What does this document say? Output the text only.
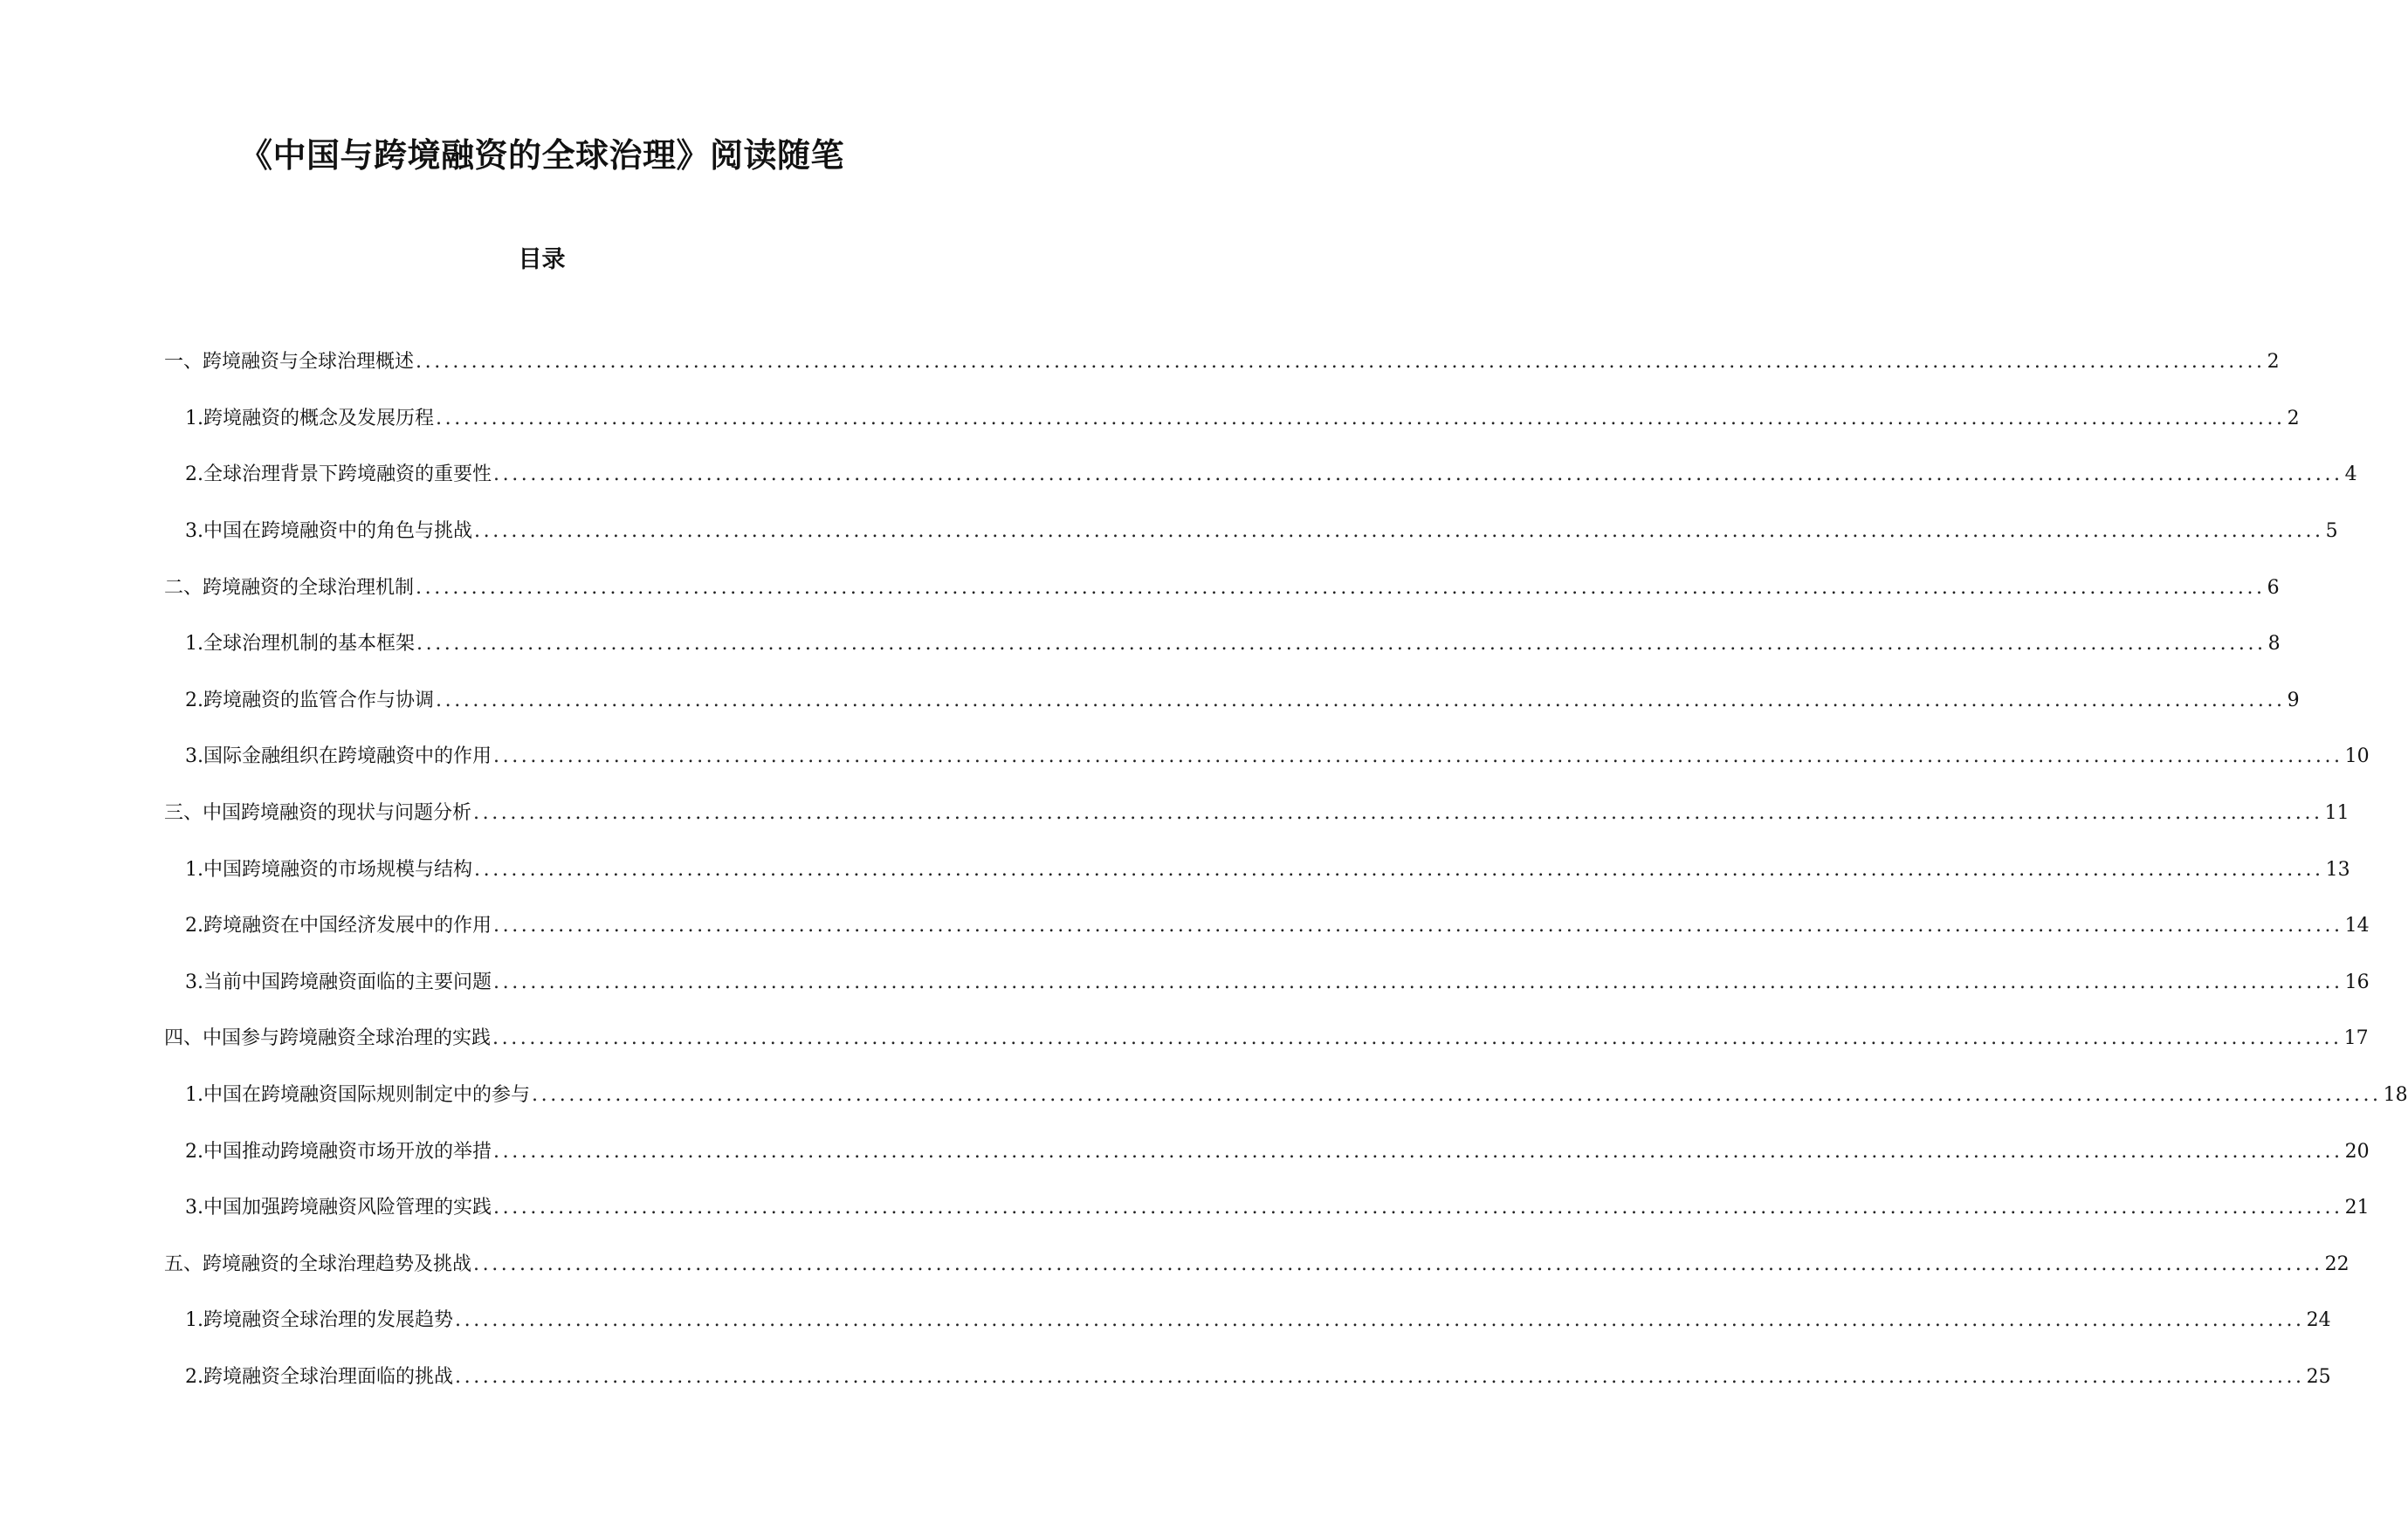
《中国与跨境融资的全球治理》阅读随笔
目录
一、跨境融资与全球治理概述 ........................................................................................................................................................................................................ 2
1. 跨境融资的概念及发展历程 ........................................................................................................................................................................................................ 2
2. 全球治理背景下跨境融资的重要性 ........................................................................................................................................................................................................ 4
3. 中国在跨境融资中的角色与挑战 ........................................................................................................................................................................................................ 5
二、跨境融资的全球治理机制 ........................................................................................................................................................................................................ 6
1. 全球治理机制的基本框架 ........................................................................................................................................................................................................ 8
2. 跨境融资的监管合作与协调 ........................................................................................................................................................................................................ 9
3. 国际金融组织在跨境融资中的作用 ........................................................................................................................................................................................................ 10
三、中国跨境融资的现状与问题分析 ........................................................................................................................................................................................................ 11
1. 中国跨境融资的市场规模与结构 ........................................................................................................................................................................................................ 13
2. 跨境融资在中国经济发展中的作用 ........................................................................................................................................................................................................ 14
3. 当前中国跨境融资面临的主要问题 ........................................................................................................................................................................................................ 16
四、中国参与跨境融资全球治理的实践 ........................................................................................................................................................................................................ 17
1. 中国在跨境融资国际规则制定中的参与 ........................................................................................................................................................................................................ 18
2. 中国推动跨境融资市场开放的举措 ........................................................................................................................................................................................................ 20
3. 中国加强跨境融资风险管理的实践 ........................................................................................................................................................................................................ 21
五、跨境融资的全球治理趋势及挑战 ........................................................................................................................................................................................................ 22
1. 跨境融资全球治理的发展趋势 ........................................................................................................................................................................................................ 24
2. 跨境融资全球治理面临的挑战 ........................................................................................................................................................................................................ 25
